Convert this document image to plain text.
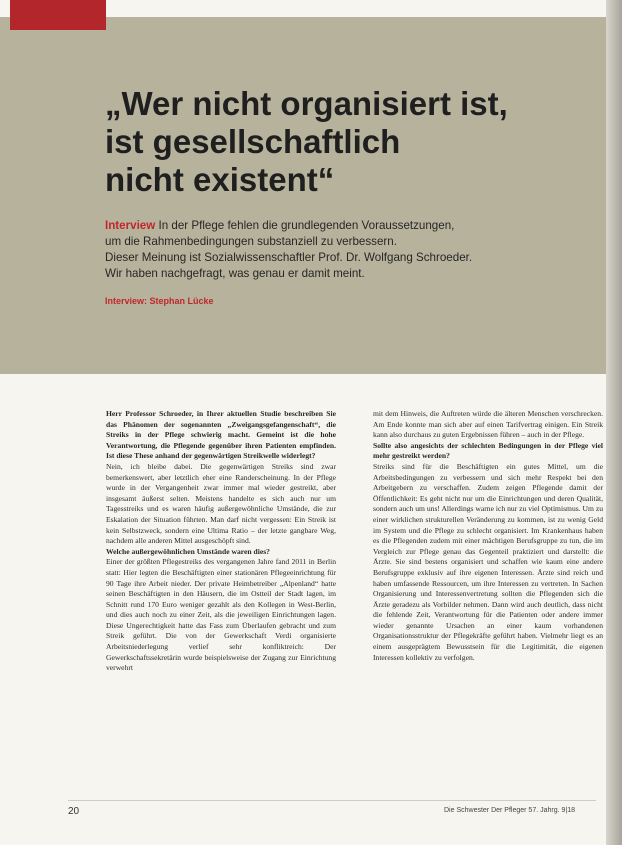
„Wer nicht organisiert ist,
ist gesellschaftlich
nicht existent“
Interview In der Pflege fehlen die grundlegenden Voraussetzungen,
um die Rahmenbedingungen substanziell zu verbessern.
Dieser Meinung ist Sozialwissenschaftler Prof. Dr. Wolfgang Schroeder.
Wir haben nachgefragt, was genau er damit meint.
Interview: Stephan Lücke

Herr Professor Schroeder, in Ihrer aktuellen Studie beschreiben Sie das Phänomen der sogenannten „Zweigangsgefangenschaft“, die Streiks in der Pflege schwierig macht. Gemeint ist die hohe Verantwortung, die Pflegende gegenüber ihren Patienten empfinden. Ist diese These anhand der gegenwärtigen Streikwelle widerlegt?

Nein, ich bleibe dabei. Die gegenwärtigen Streiks sind zwar bemerkenswert, aber letztlich eher eine Randerscheinung. In der Pflege wurde in der Vergangenheit zwar immer mal wieder gestreikt, aber insgesamt äußerst selten. Meistens handelte es sich auch nur um Tagesstreiks und es waren häufig außergewöhnliche Umstände, die zur Eskalation der Situation führten. Man darf nicht vergessen: Ein Streik ist kein Selbstzweck, sondern eine Ultima Ratio – der letzte gangbare Weg, nachdem alle anderen Mittel ausgeschöpft sind.

Welche außergewöhnlichen Umstände waren dies?

Einer der größten Pflegestreiks des vergangenen Jahre fand 2011 in Berlin statt: Hier legten die Beschäftigten einer stationären Pflegeeinrichtung für 90 Tage ihre Arbeit nieder. Der private Heimbetreiber „Alpenland“ hatte seinen Beschäftigten in den Häusern, die im Ostteil der Stadt lagen, im Schnitt rund 170 Euro weniger gezahlt als den Kollegen in West-Berlin, und dies auch noch zu einer Zeit, als die jeweiligen Einrichtungen lagen. Diese Ungerechtigkeit hatte das Fass zum Überlaufen gebracht und zum Streik geführt. Die von der Gewerkschaft Verdi organisierte Arbeitsniederlegung verlief sehr konfliktreich: Der Gewerkschaftssekretärin wurde beispielsweise der Zugang zur Einrichtung verwehrt

mit dem Hinweis, die Auftreten würde die älteren Menschen verschrecken. Am Ende konnte man sich aber auf einen Tarifvertrag einigen. Ein Streik kann also durchaus zu guten Ergebnissen führen – auch in der Pflege.

Sollte also angesichts der schlechten Bedingungen in der Pflege viel mehr gestreikt werden?

Streiks sind für die Beschäftigten ein gutes Mittel, um die Arbeitsbedingungen zu verbessern und sich mehr Respekt bei den Arbeitgebern zu verschaffen. Zudem zeigen Pflegende damit der Öffentlichkeit: Es geht nicht nur um die Einrichtungen und deren Qualität, sondern auch um uns! Allerdings warne ich nur zu viel Optimismus. Um zu einer wirklichen strukturellen Veränderung zu kommen, ist zu wenig Geld im System und die Pflege zu schlecht organisiert. Im Krankenhaus haben es die Pflegenden zudem mit einer mächtigen Berufsgruppe zu tun, die im Vergleich zur Pflege genau das Gegenteil praktiziert und darstellt: die Ärzte. Sie sind bestens organisiert und schaffen wie kaum eine andere Berufsgruppe exklusiv auf ihre eigenen Interessen. Ärzte sind reich und haben umfassende Ressourcen, um ihre Interessen zu vertreten. In Sachen Organisierung und Interessenvertretung sollten die Pflegenden sich die Ärzte geradezu als Vorbilder nehmen. Dann wird auch deutlich, dass nicht die fehlende Zeit, Verantwortung für die Patienten oder andere immer wieder genannte Ursachen an einer kaum vorhandenen Organisationsstruktur der Pflegekräfte geführt haben. Vielmehr liegt es an einem ausgeprägtem Bewusstsein für die Legitimität, die eigenen Interessen kollektiv zu verfolgen.

20	Die Schwester Der Pfleger 57. Jahrg. 9|18
